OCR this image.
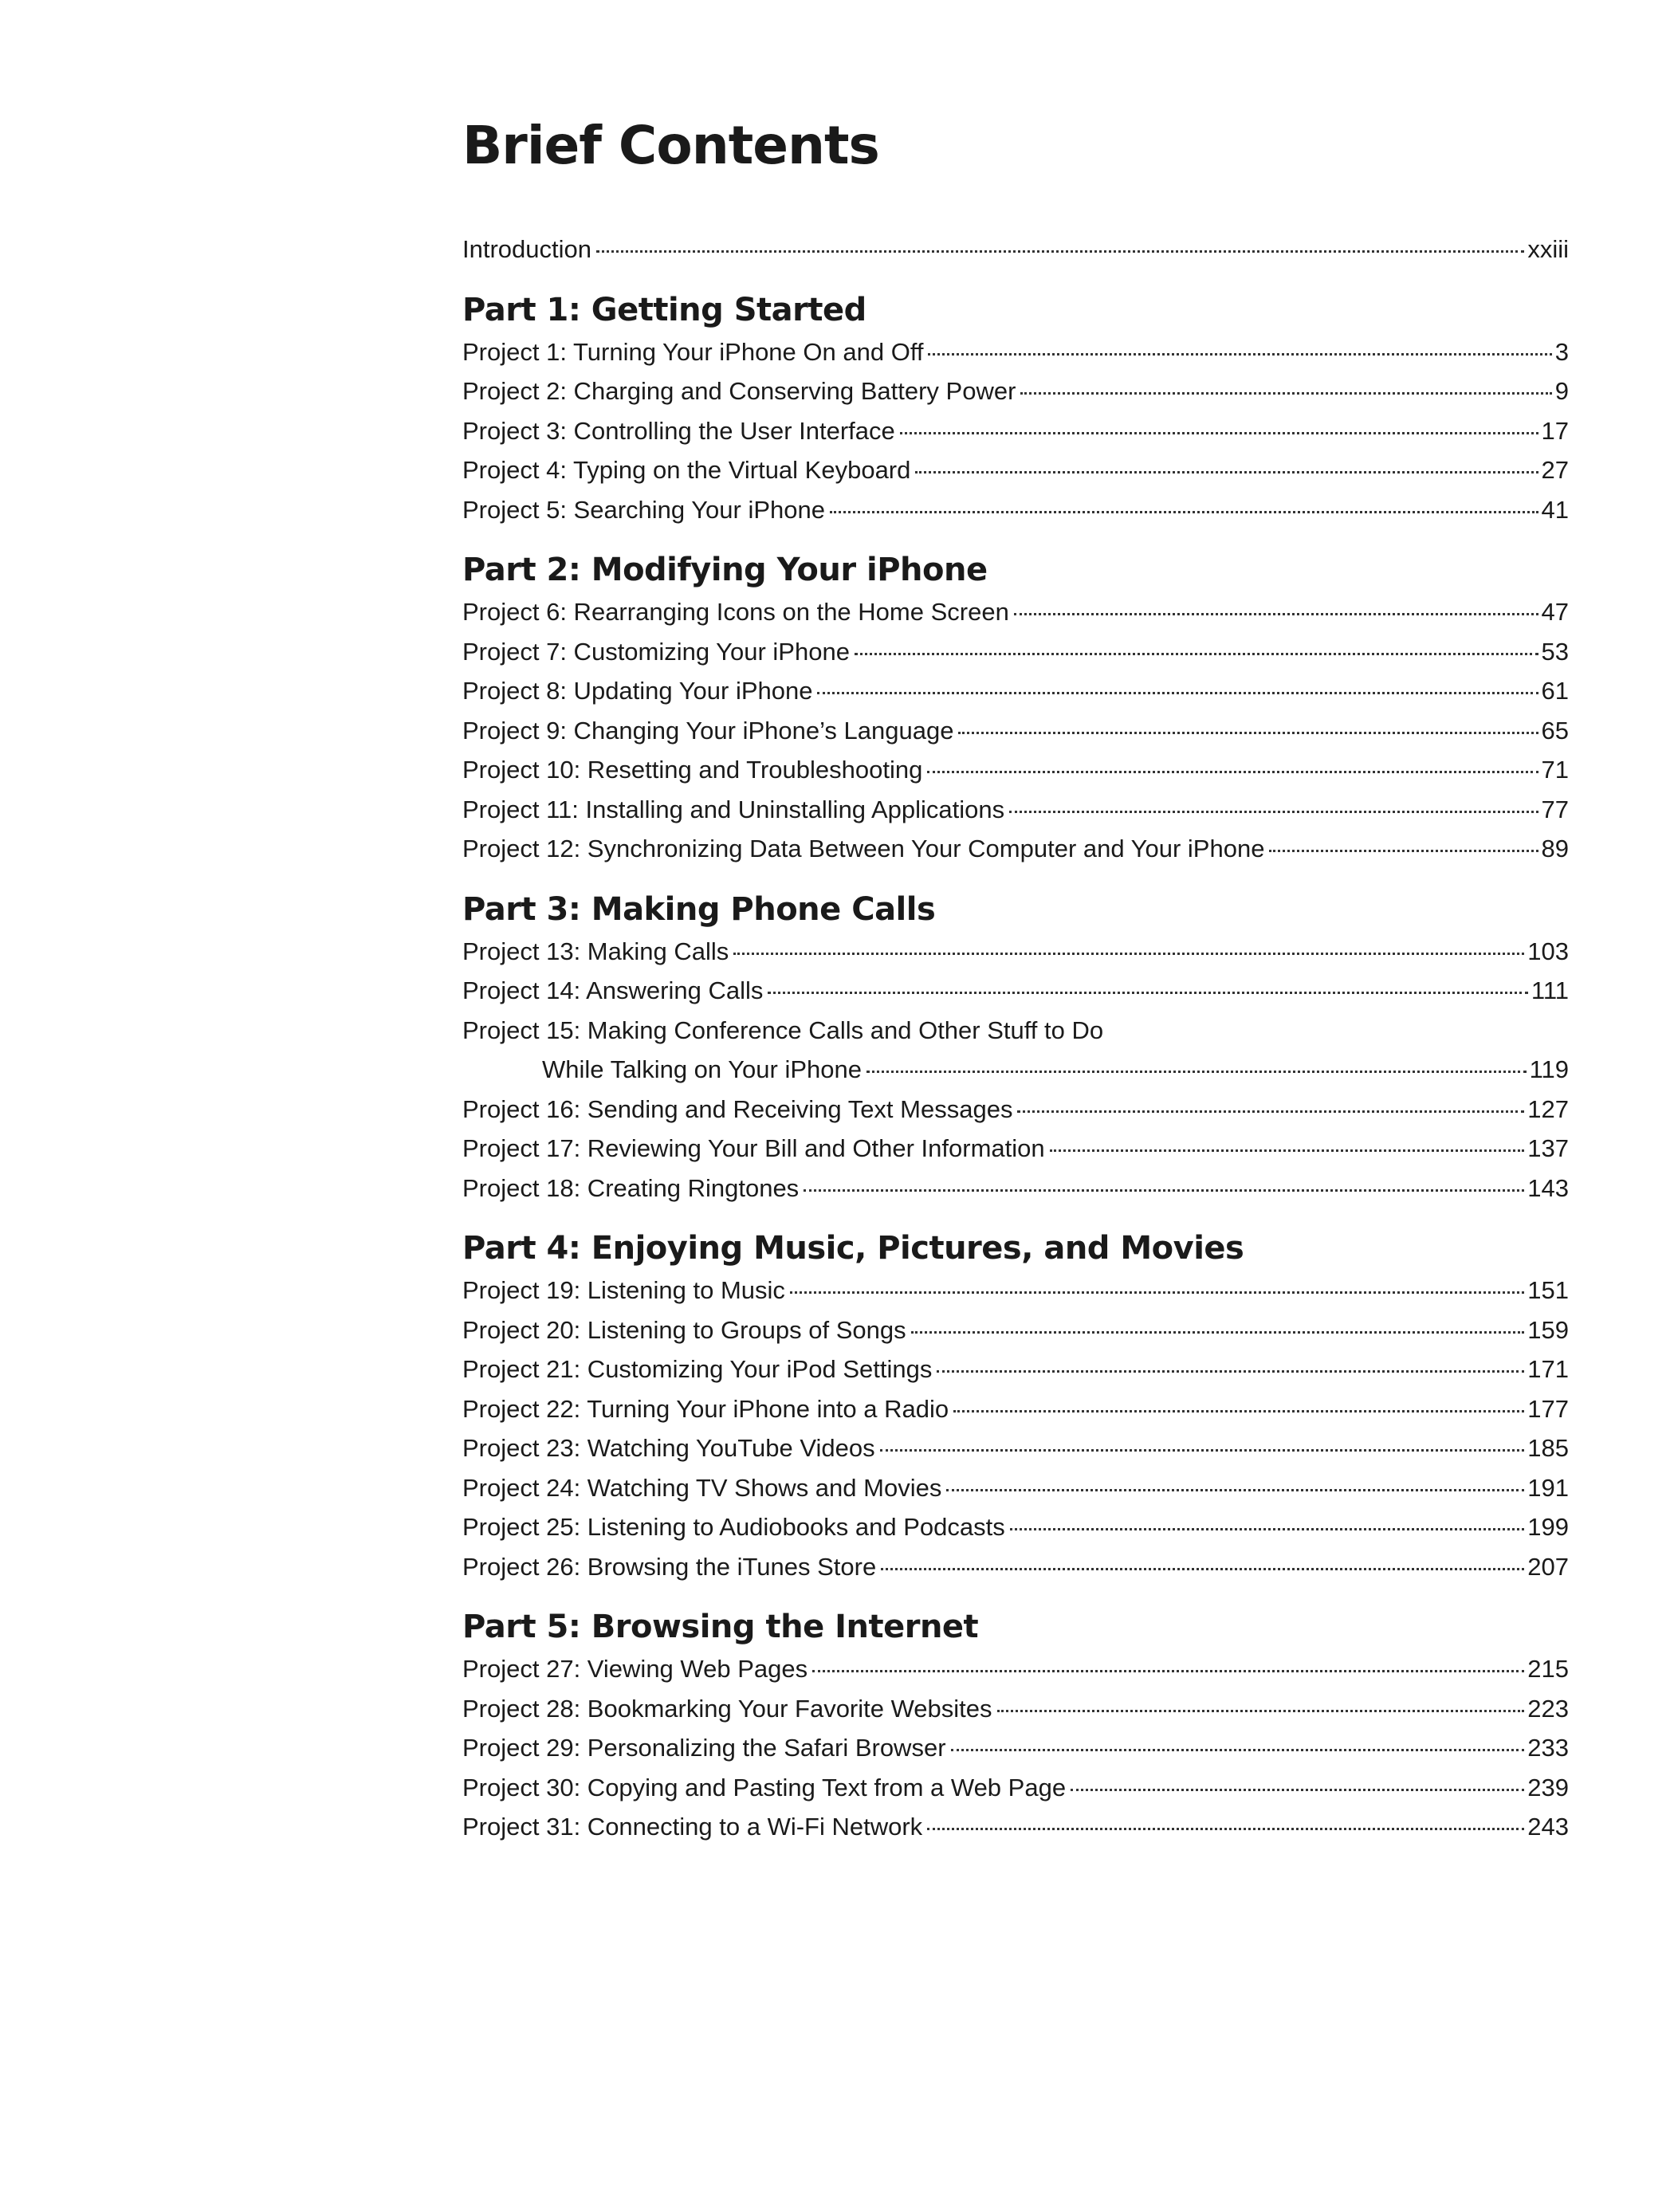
Brief Contents
Introduction	xxiii
Part 1: Getting Started
Project 1: Turning Your iPhone On and Off	3
Project 2: Charging and Conserving Battery Power	9
Project 3: Controlling the User Interface	17
Project 4: Typing on the Virtual Keyboard	27
Project 5: Searching Your iPhone	41
Part 2: Modifying Your iPhone
Project 6: Rearranging Icons on the Home Screen	47
Project 7: Customizing Your iPhone	53
Project 8: Updating Your iPhone	61
Project 9: Changing Your iPhone’s Language	65
Project 10: Resetting and Troubleshooting	71
Project 11: Installing and Uninstalling Applications	77
Project 12: Synchronizing Data Between Your Computer and Your iPhone	89
Part 3: Making Phone Calls
Project 13: Making Calls	103
Project 14: Answering Calls	111
Project 15: Making Conference Calls and Other Stuff to Do
While Talking on Your iPhone	119
Project 16: Sending and Receiving Text Messages	127
Project 17: Reviewing Your Bill and Other Information	137
Project 18: Creating Ringtones	143
Part 4: Enjoying Music, Pictures, and Movies
Project 19: Listening to Music	151
Project 20: Listening to Groups of Songs	159
Project 21: Customizing Your iPod Settings	171
Project 22: Turning Your iPhone into a Radio	177
Project 23: Watching YouTube Videos	185
Project 24: Watching TV Shows and Movies	191
Project 25: Listening to Audiobooks and Podcasts	199
Project 26: Browsing the iTunes Store	207
Part 5: Browsing the Internet
Project 27: Viewing Web Pages	215
Project 28: Bookmarking Your Favorite Websites	223
Project 29: Personalizing the Safari Browser	233
Project 30: Copying and Pasting Text from a Web Page	239
Project 31: Connecting to a Wi-Fi Network	243
